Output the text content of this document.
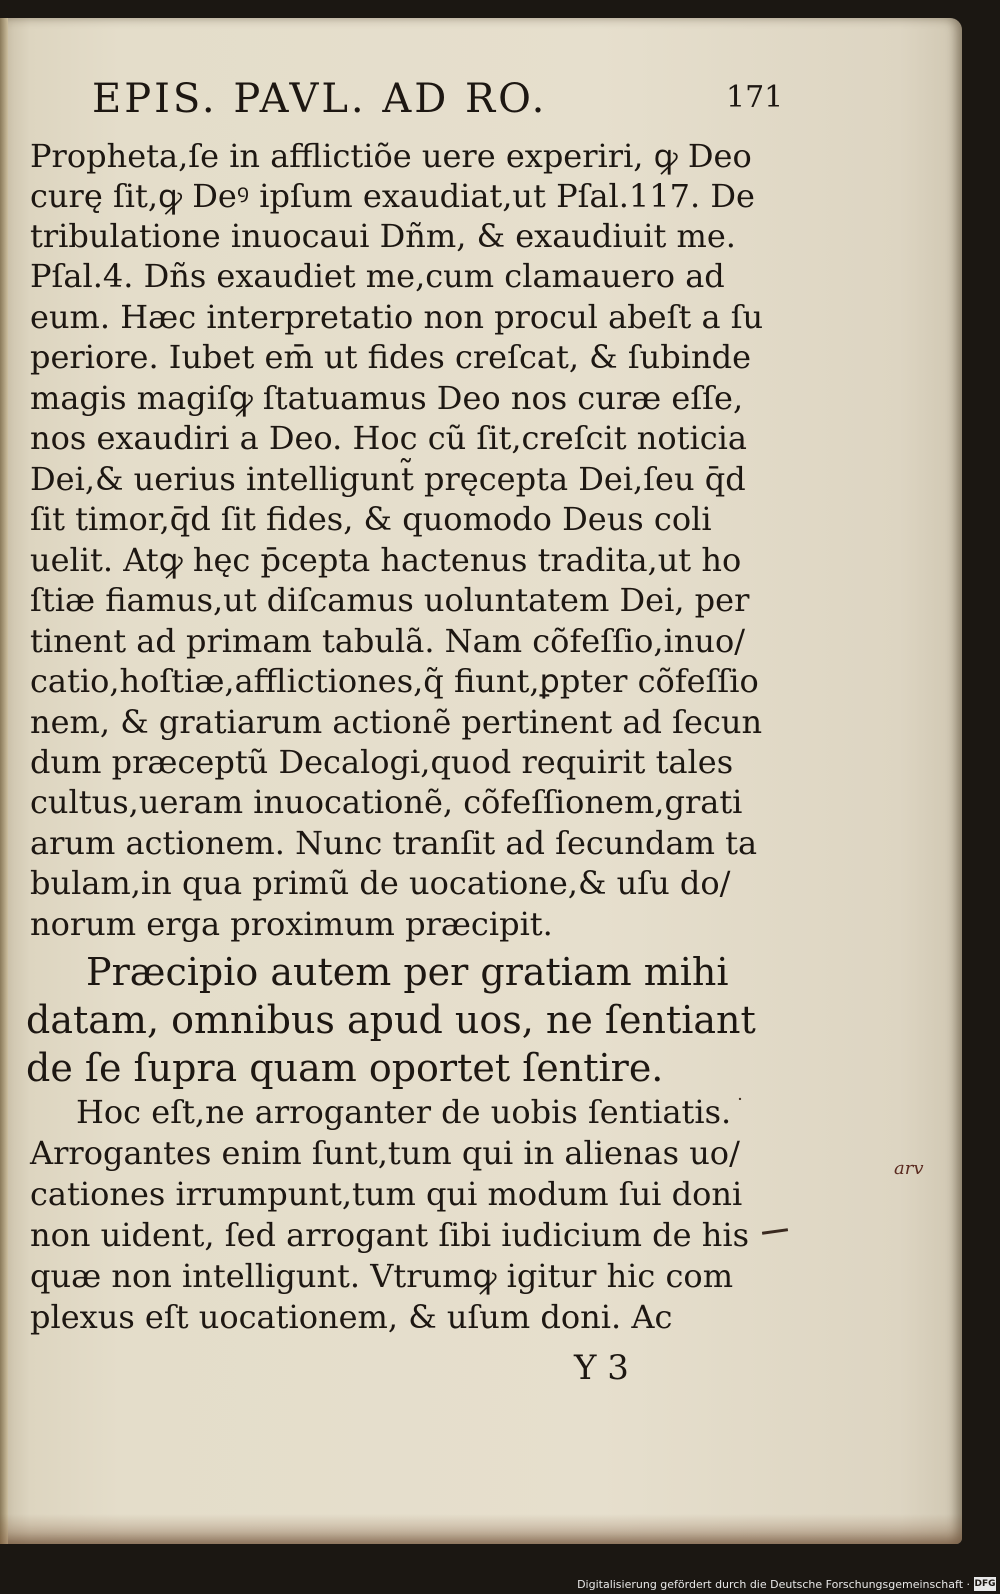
EPIS. PAVL. AD RO.	171
Propheta,ſe in afflictiõe uere experiri, ꝙ Deo
curę ſit,ꝙ Deꝰ ipſum exaudiat,ut Pſal.117. De
tribulatione inuocaui Dñm, & exaudiuit me.
Pſal.4. Dñs exaudiet me,cum clamauero ad
eum. Hæc interpretatio non procul abeſt a ſu
periore. Iubet em̄ ut fides creſcat, & ſubinde
magis magiſꝙ ſtatuamus Deo nos curæ eſſe,
nos exaudiri a Deo. Hoc cũ ſit,creſcit noticia
Dei,& uerius intelligunt̃ pręcepta Dei,ſeu q̄d
ſit timor,q̄d ſit fides, & quomodo Deus coli
uelit. Atꝙ hęc p̄cepta hactenus tradita,ut ho
ſtiæ fiamus,ut diſcamus uoluntatem Dei, per
tinent ad primam tabulã. Nam cõfeſſio,inuo/
catio,hoſtiæ,afflictiones,q̃ fiunt,ꝑpter cõfeſſio
nem, & gratiarum actionẽ pertinent ad ſecun
dum præceptũ Decalogi,quod requirit tales
cultus,ueram inuocationẽ, cõfeſſionem,grati
arum actionem. Nunc tranſit ad ſecundam ta
bulam,in qua primũ de uocatione,& uſu do/
norum erga proximum præcipit.
Præcipio autem per gratiam mihi
datam, omnibus apud uos, ne ſentiant
de ſe ſupra quam oportet ſentire.
Hoc eſt,ne arroganter de uobis ſentiatis.
Arrogantes enim ſunt,tum qui in alienas uo/
cationes irrumpunt,tum qui modum ſui doni
non uident, ſed arrogant ſibi iudicium de his
quæ non intelligunt. Vtrumꝙ igitur hic com
plexus eſt uocationem, & uſum doni. Ac
˙
arv
Y 3
Digitalisierung gefördert durch die Deutsche Forschungsgemeinschaft · DFG
